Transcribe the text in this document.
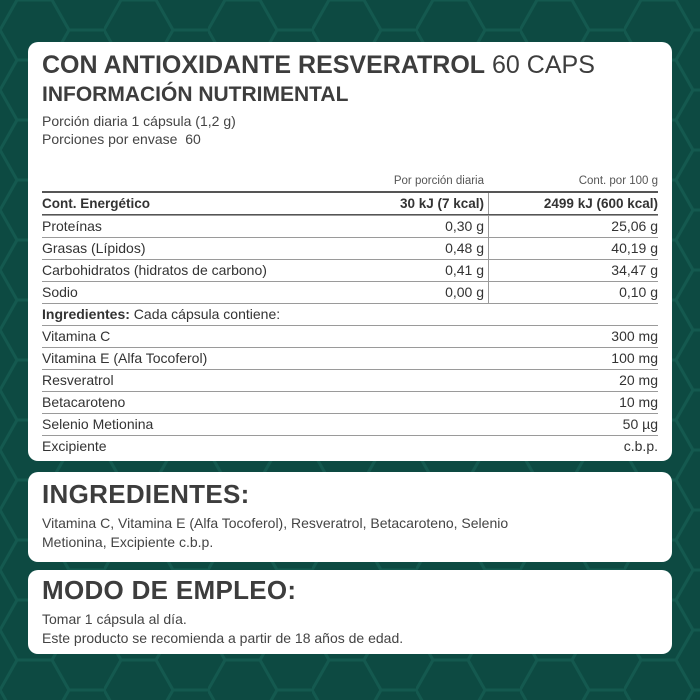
CON ANTIOXIDANTE RESVERATROL 60 CAPS
INFORMACIÓN NUTRIMENTAL
Porción diaria 1 cápsula (1,2 g)
Porciones por envase  60
Por porción diaria	Cont. por 100 g
Cont. Energético	30 kJ (7 kcal)	2499 kJ (600 kcal)
Proteínas	0,30 g	25,06 g
Grasas (Lípidos)	0,48 g	40,19 g
Carbohidratos (hidratos de carbono)	0,41 g	34,47 g
Sodio	0,00 g	0,10 g
Ingredientes: Cada cápsula contiene:
Vitamina C	300 mg
Vitamina E (Alfa Tocoferol)	100 mg
Resveratrol	20 mg
Betacaroteno	10 mg
Selenio Metionina	50 µg
Excipiente	c.b.p.
INGREDIENTES:
Vitamina C, Vitamina E (Alfa Tocoferol), Resveratrol, Betacaroteno, Selenio
Metionina, Excipiente c.b.p.
MODO DE EMPLEO:
Tomar 1 cápsula al día.
Este producto se recomienda a partir de 18 años de edad.
